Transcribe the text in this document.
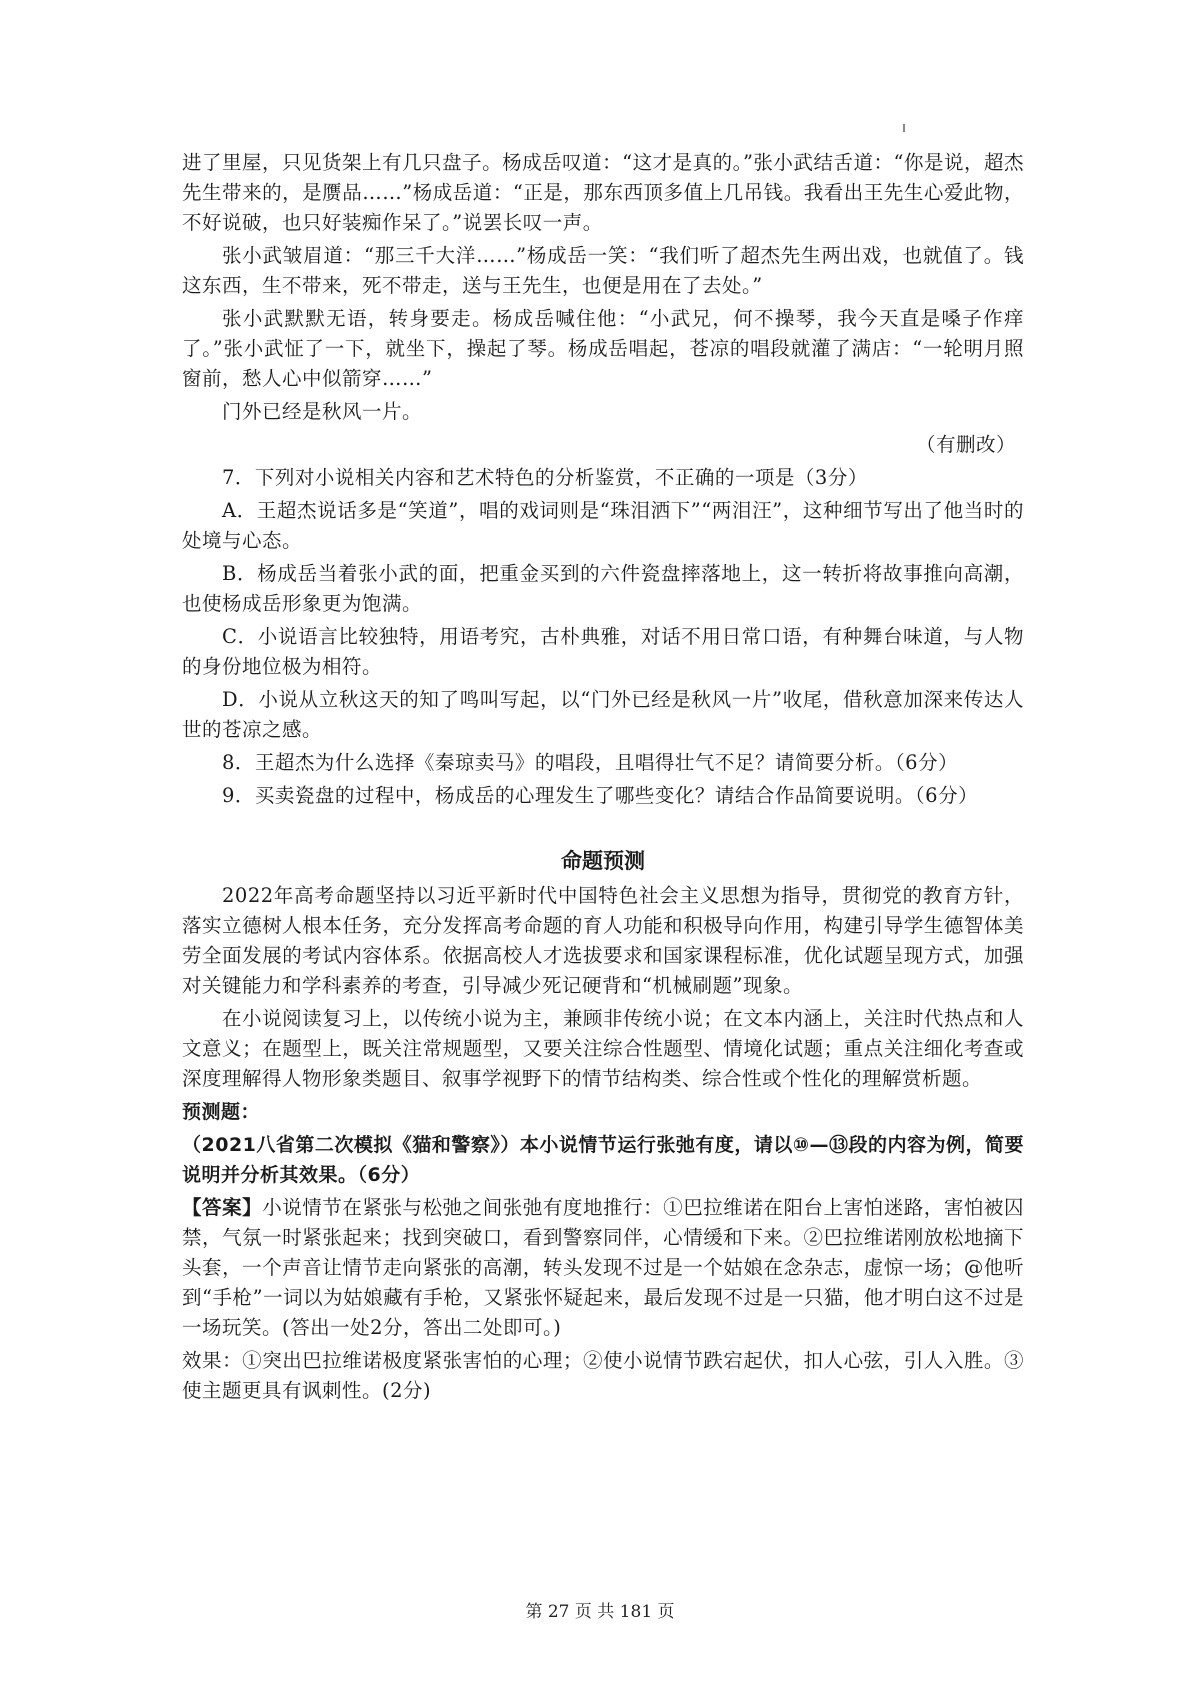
进了里屋，只见货架上有几只盘子。杨成岳叹道：“这才是真的。”张小武结舌道：“你是说，超杰先生带来的，是赝品……”杨成岳道：“正是，那东西顶多值上几吊钱。我看出王先生心爱此物，不好说破，也只好装痴作呆了。”说罢长叹一声。

张小武皱眉道：“那三千大洋……”杨成岳一笑：“我们听了超杰先生两出戏，也就值了。钱这东西，生不带来，死不带走，送与王先生，也便是用在了去处。”

张小武默默无语，转身要走。杨成岳喊住他：“小武兄，何不操琴，我今天直是嗓子作痒了。”张小武怔了一下，就坐下，操起了琴。杨成岳唱起，苍凉的唱段就灌了满店：“一轮明月照窗前，愁人心中似箭穿……”

门外已经是秋风一片。

（有删改）

7．下列对小说相关内容和艺术特色的分析鉴赏，不正确的一项是（3分）

A．王超杰说话多是“笑道”，唱的戏词则是“珠泪洒下”“两泪汪”，这种细节写出了他当时的处境与心态。

B．杨成岳当着张小武的面，把重金买到的六件瓷盘摔落地上，这一转折将故事推向高潮，也使杨成岳形象更为饱满。

C．小说语言比较独特，用语考究，古朴典雅，对话不用日常口语，有种舞台味道，与人物的身份地位极为相符。

D．小说从立秋这天的知了鸣叫写起，以“门外已经是秋风一片”收尾，借秋意加深来传达人世的苍凉之感。

8．王超杰为什么选择《秦琼卖马》的唱段，且唱得壮气不足？请简要分析。（6分）

9．买卖瓷盘的过程中，杨成岳的心理发生了哪些变化？请结合作品简要说明。（6分）

命题预测

2022年高考命题坚持以习近平新时代中国特色社会主义思想为指导，贯彻党的教育方针，落实立德树人根本任务，充分发挥高考命题的育人功能和积极导向作用，构建引导学生德智体美劳全面发展的考试内容体系。依据高校人才选拔要求和国家课程标准，优化试题呈现方式，加强对关键能力和学科素养的考查，引导减少死记硬背和“机械刷题”现象。

在小说阅读复习上，以传统小说为主，兼顾非传统小说；在文本内涵上，关注时代热点和人文意义；在题型上，既关注常规题型，又要关注综合性题型、情境化试题；重点关注细化考查或深度理解得人物形象类题目、叙事学视野下的情节结构类、综合性或个性化的理解赏析题。

预测题：

（2021八省第二次模拟《猫和警察》）本小说情节运行张弛有度，请以⑩—⑬段的内容为例，简要说明并分析其效果。（6分）

【答案】小说情节在紧张与松弛之间张弛有度地推行：①巴拉维诺在阳台上害怕迷路，害怕被囚禁，气氛一时紧张起来；找到突破口，看到警察同伴，心情缓和下来。②巴拉维诺刚放松地摘下头套，一个声音让情节走向紧张的高潮，转头发现不过是一个姑娘在念杂志，虚惊一场；@他听到“手枪”一词以为姑娘藏有手枪，又紧张怀疑起来，最后发现不过是一只猫，他才明白这不过是一场玩笑。(答出一处2分，答出二处即可。)

效果：①突出巴拉维诺极度紧张害怕的心理；②使小说情节跌宕起伏，扣人心弦，引人入胜。③使主题更具有讽刺性。(2分)

第 27 页 共 181 页
